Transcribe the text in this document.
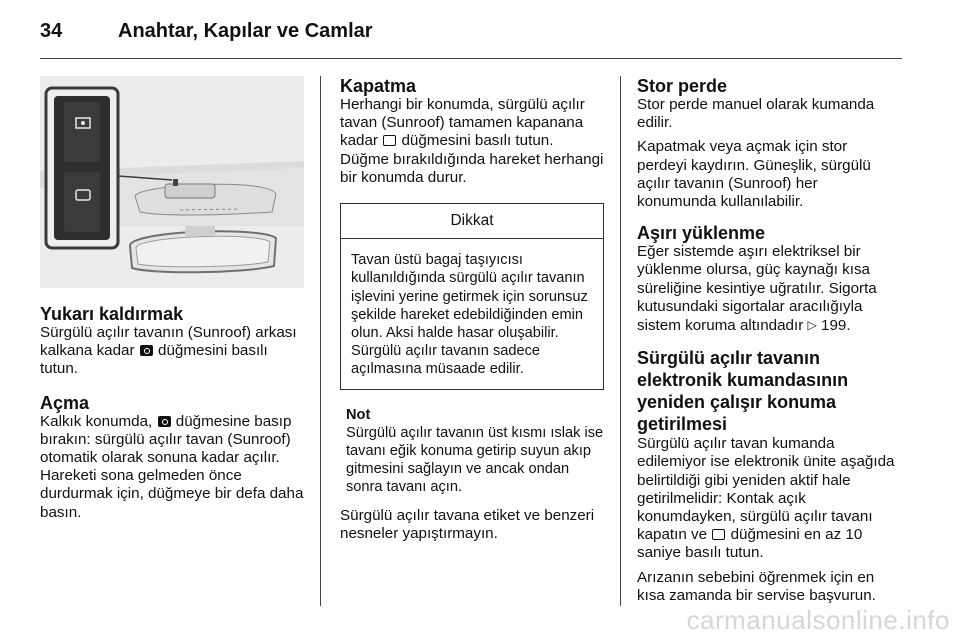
34	Anahtar, Kapılar ve Camlar
Yukarı kaldırmak

Sürgülü açılır tavanın (Sunroof) arkası kalkana kadar düğmesini basılı tutun.

Açma

Kalkık konumda, düğmesine basıp bırakın: sürgülü açılır tavan (Sunroof) otomatik olarak sonuna kadar açılır. Hareketi sona gelmeden önce durdurmak için, düğmeye bir defa daha basın.

Kapatma

Herhangi bir konumda, sürgülü açılır tavan (Sunroof) tamamen kapanana kadar düğmesini basılı tutun. Düğme bırakıldığında hareket herhangi bir konumda durur.

Dikkat
Tavan üstü bagaj taşıyıcısı kullanıldığında sürgülü açılır tavanın işlevini yerine getirmek için sorunsuz şekilde hareket edebildiğinden emin olun. Aksi halde hasar oluşabilir. Sürgülü açılır tavanın sadece açılmasına müsaade edilir.
Not
Sürgülü açılır tavanın üst kısmı ıslak ise tavanı eğik konuma getirip suyun akıp gitmesini sağlayın ve ancak ondan sonra tavanı açın.

Sürgülü açılır tavana etiket ve benzeri nesneler yapıştırmayın.

Stor perde

Stor perde manuel olarak kumanda edilir.

Kapatmak veya açmak için stor perdeyi kaydırın. Güneşlik, sürgülü açılır tavanın (Sunroof) her konumunda kullanılabilir.

Aşırı yüklenme

Eğer sistemde aşırı elektriksel bir yüklenme olursa, güç kaynağı kısa süreliğine kesintiye uğratılır. Sigorta kutusundaki sigortalar aracılığıyla sistem koruma altındadır ▷ 199.

Sürgülü açılır tavanın elektronik kumandasının yeniden çalışır konuma getirilmesi

Sürgülü açılır tavan kumanda edilemiyor ise elektronik ünite aşağıda belirtildiği gibi yeniden aktif hale getirilmelidir: Kontak açık konumdayken, sürgülü açılır tavanı kapatın ve düğmesini en az 10 saniye basılı tutun.

Arızanın sebebini öğrenmek için en kısa zamanda bir servise başvurun.

carmanualsonline.info
